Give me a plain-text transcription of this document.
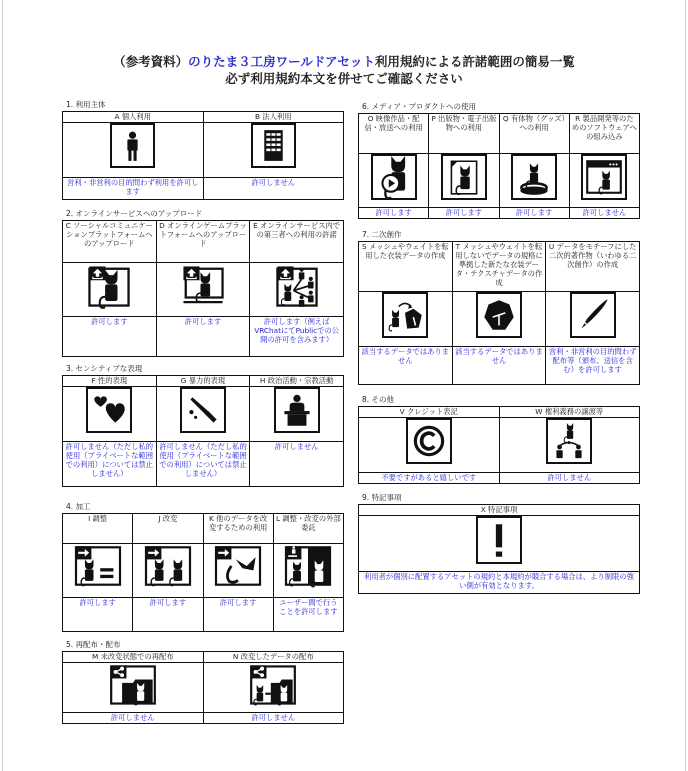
（参考資料）のりたま３工房ワールドアセット利用規約による許諾範囲の簡易一覧
必ず利用規約本文を併せてご確認ください
1. 利用主体
A 個人利用	B 法人利用

営利・非営利の目的問わず利用を許可します	許可しません
2. オンラインサービスへのアップロード
C ソーシャルコミュニケーションプラットフォームへのアップロード	D オンラインゲームプラットフォームへのアップロード	E オンラインサービス内での第三者への利用の許諾

許可します	許可します	許可します（例えばVRChatにてPublicでの公開の許可を含みます）
3. センシティブな表現
F 性的表現	G 暴力的表現	H 政治活動・宗教活動

許可しません（ただし私的使用（プライベートな範囲での利用）については禁止しません）	許可しません（ただし私的使用（プライベートな範囲での利用）については禁止しません）	許可しません
4. 加工
I 調整	J 改変	K 他のデータを改変するための利用	L 調整・改変の外部委託

許可します	許可します	許可します	ユーザー間で行うことを許可します
5. 再配布・配布
M 未改変状態での再配布	N 改変したデータの配布

許可しません	許可しません
6. メディア・プロダクトへの使用
O 映像作品・配信・放送への利用	P 出版物・電子出版物への利用	Q 有体物（グッズ）への利用	R 製品開発等のためのソフトウェアへの組み込み

許可します	許可します	許可します	許可しません
7. 二次創作
S メッシュやウェイトを転用した衣装データの作成	T メッシュやウェイトを転用しないでデータの規格に準拠した新たな衣装データ・テクスチャデータの作成	U データをモチーフにした二次的著作物（いわゆる二次創作）の作成

該当するデータではありません	該当するデータではありません	営利・非営利の目的問わず配布等（頒布、送信を含む）を許可します
8. その他
V クレジット表記	W 権利義務の譲渡等

不要ですがあると嬉しいです	許可しません
9. 特記事項
X 特記事項

利用者が個別に配置するアセットの規約と本規約が競合する場合は、より制限の強い側が有効となります。
